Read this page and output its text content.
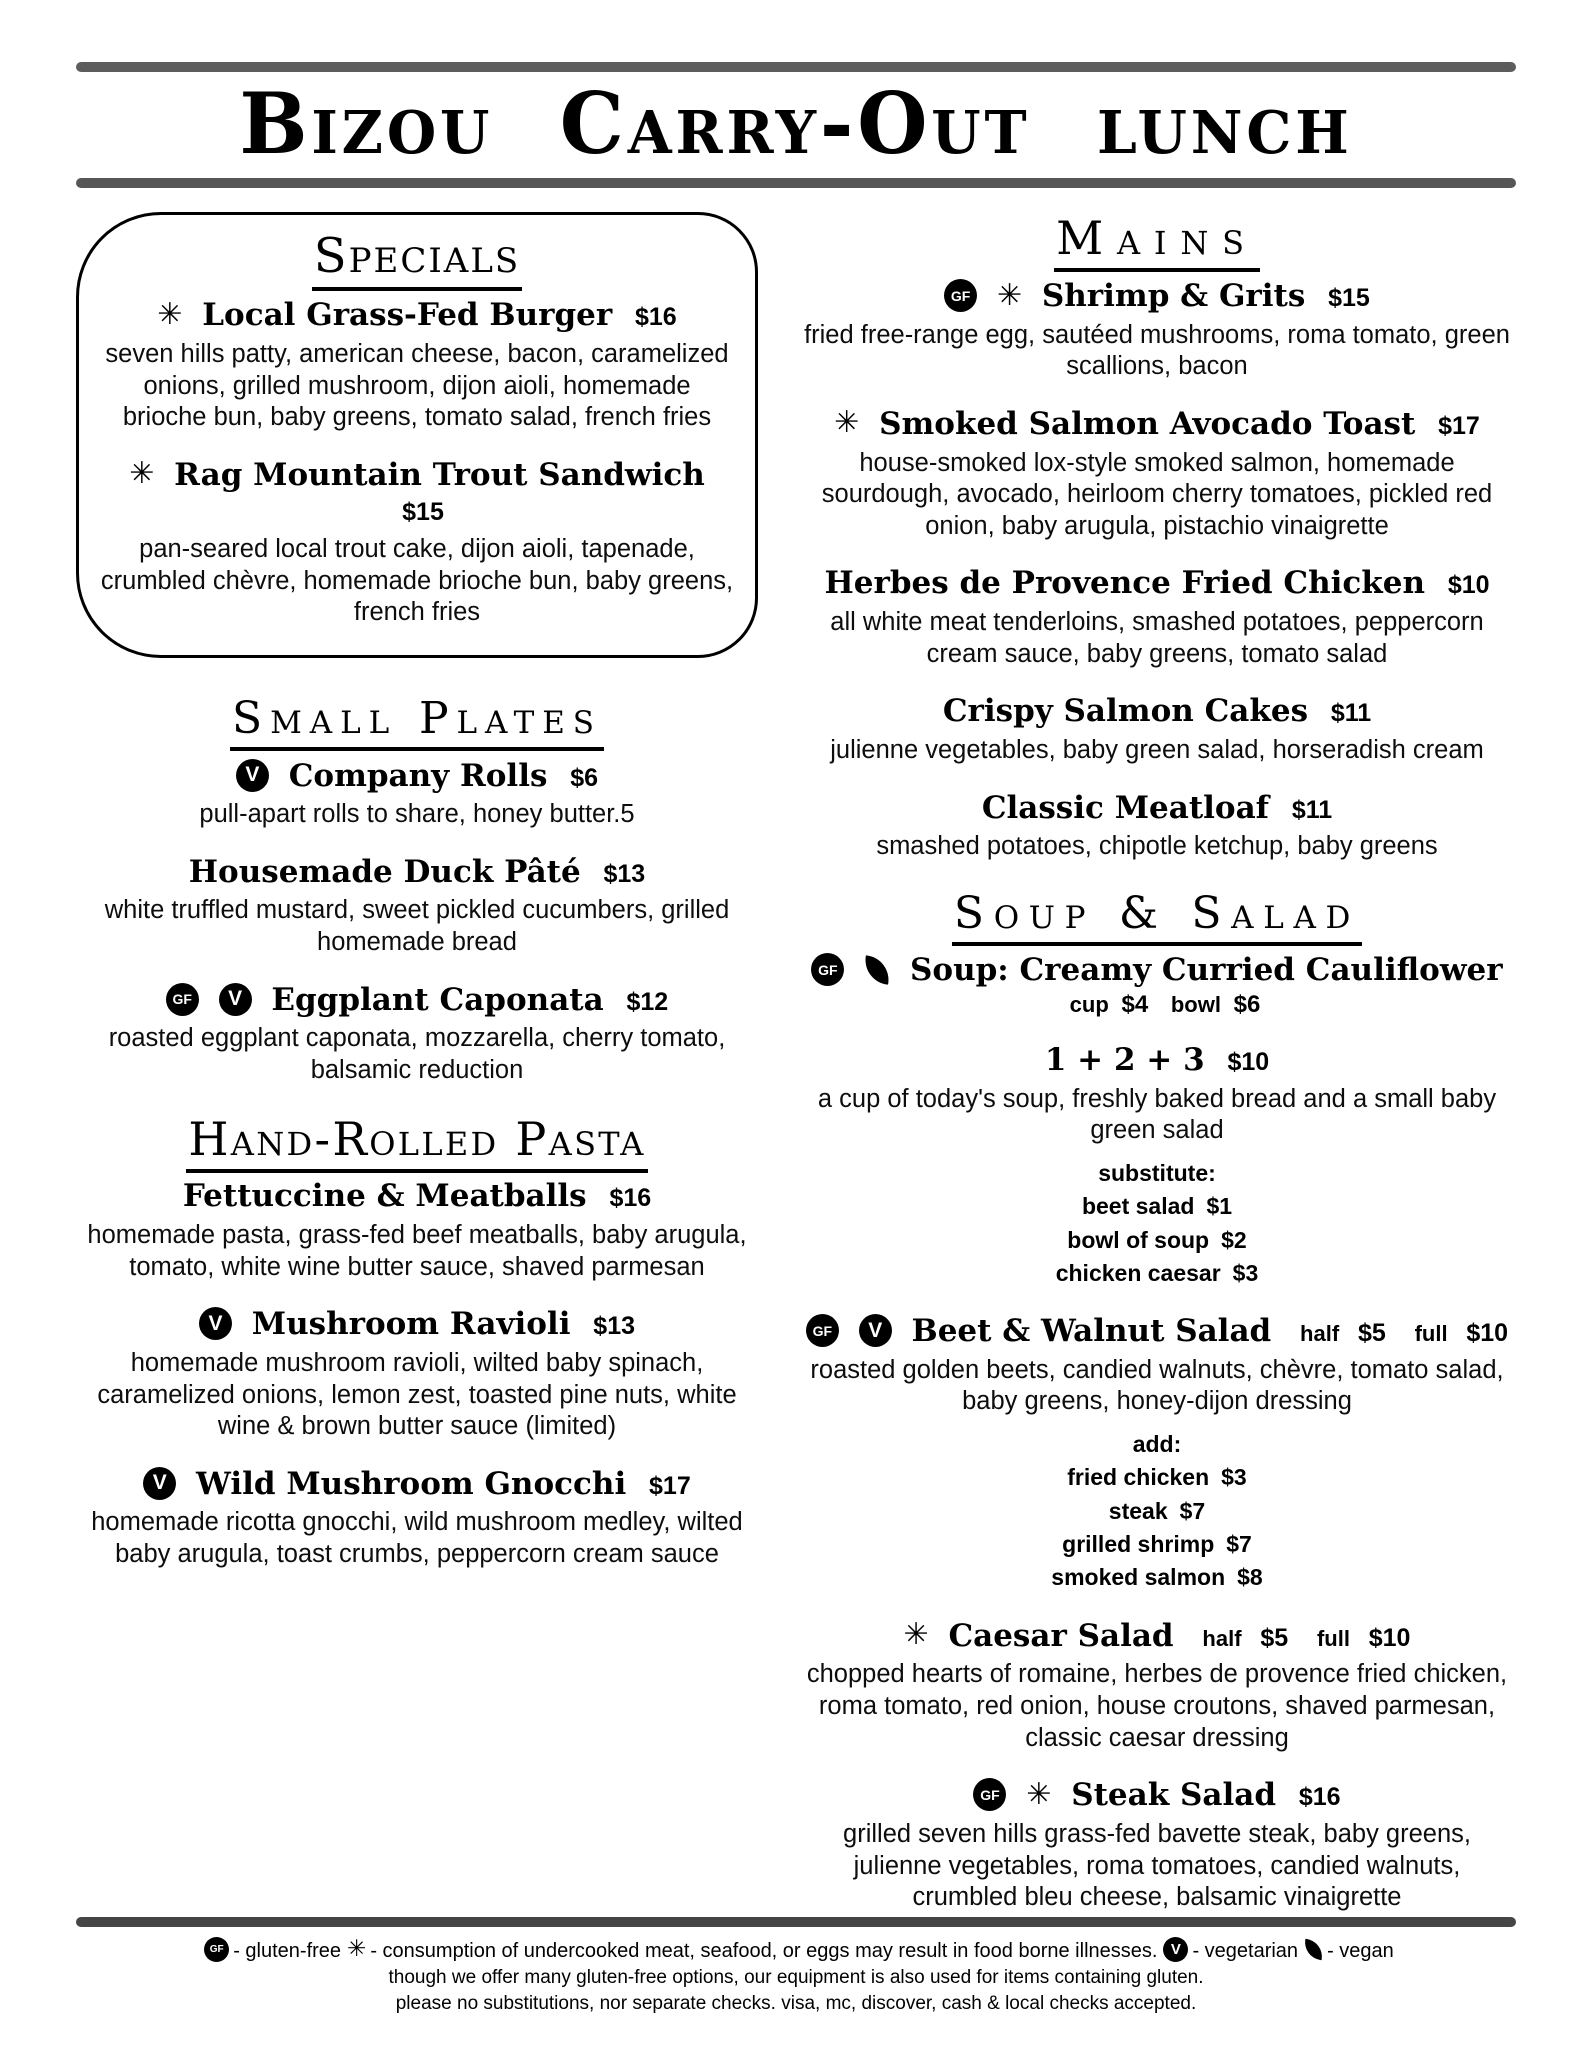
Bizou Carry-Out lunch
Specials
✳ Local Grass-Fed Burger $16
seven hills patty, american cheese, bacon, caramelized onions, grilled mushroom, dijon aioli, homemade brioche bun, baby greens, tomato salad, french fries
✳ Rag Mountain Trout Sandwich $15
pan-seared local trout cake, dijon aioli, tapenade, crumbled chèvre, homemade brioche bun, baby greens, french fries
Small Plates
V Company Rolls $6
pull-apart rolls to share, honey butter.5
Housemade Duck Pâté $13
white truffled mustard, sweet pickled cucumbers, grilled homemade bread
GF V Eggplant Caponata $12
roasted eggplant caponata, mozzarella, cherry tomato, balsamic reduction
Hand-Rolled Pasta
Fettuccine & Meatballs $16
homemade pasta, grass-fed beef meatballs, baby arugula, tomato, white wine butter sauce, shaved parmesan
V Mushroom Ravioli $13
homemade mushroom ravioli, wilted baby spinach, caramelized onions, lemon zest, toasted pine nuts, white wine & brown butter sauce (limited)
V Wild Mushroom Gnocchi $17
homemade ricotta gnocchi, wild mushroom medley, wilted baby arugula, toast crumbs, peppercorn cream sauce
Mains
GF ✳ Shrimp & Grits $15
fried free-range egg, sautéed mushrooms, roma tomato, green scallions, bacon
✳ Smoked Salmon Avocado Toast $17
house-smoked lox-style smoked salmon, homemade sourdough, avocado, heirloom cherry tomatoes, pickled red onion, baby arugula, pistachio vinaigrette
Herbes de Provence Fried Chicken $10
all white meat tenderloins, smashed potatoes, peppercorn cream sauce, baby greens, tomato salad
Crispy Salmon Cakes $11
julienne vegetables, baby green salad, horseradish cream
Classic Meatloaf $11
smashed potatoes, chipotle ketchup, baby greens
Soup & Salad
GF Soup: Creamy Curried Cauliflower
cup $4 bowl $6
1 + 2 + 3 $10
a cup of today's soup, freshly baked bread and a small baby green salad
substitute:
beet salad $1
bowl of soup $2
chicken caesar $3
GF V Beet & Walnut Salad half $5 full $10
roasted golden beets, candied walnuts, chèvre, tomato salad, baby greens, honey-dijon dressing
add:
fried chicken $3
steak $7
grilled shrimp $7
smoked salmon $8
✳ Caesar Salad half $5 full $10
chopped hearts of romaine, herbes de provence fried chicken, roma tomato, red onion, house croutons, shaved parmesan, classic caesar dressing
GF ✳ Steak Salad $16
grilled seven hills grass-fed bavette steak, baby greens, julienne vegetables, roma tomatoes, candied walnuts, crumbled bleu cheese, balsamic vinaigrette
GF - gluten-free ✳ - consumption of undercooked meat, seafood, or eggs may result in food borne illnesses. V - vegetarian - vegan
though we offer many gluten-free options, our equipment is also used for items containing gluten.
please no substitutions, nor separate checks. visa, mc, discover, cash & local checks accepted.
